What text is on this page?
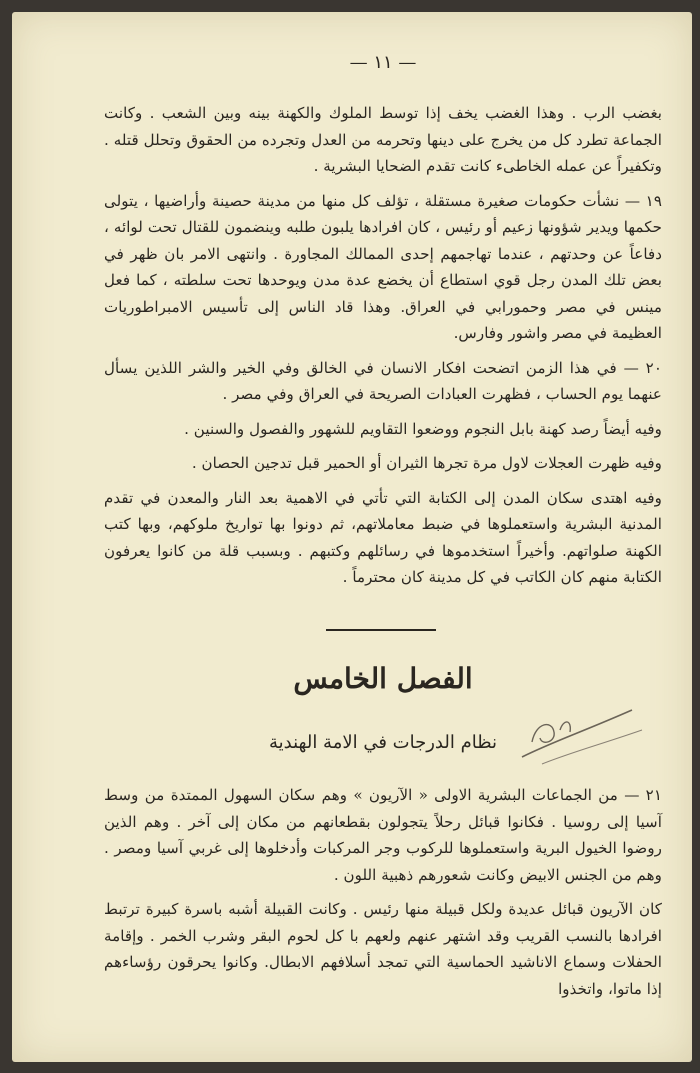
— ١١ —

بغضب الرب . وهذا الغضب يخف إذا توسط الملوك والكهنة بينه وبين الشعب . وكانت الجماعة تطرد كل من يخرج على دينها وتحرمه من العدل وتجرده من الحقوق وتحلل قتله . وتكفيراً عن عمله الخاطىء كانت تقدم الضحايا البشرية .

١٩ — نشأت حكومات صغيرة مستقلة ، تؤلف كل منها من مدينة حصينة وأراضيها ، يتولى حكمها ويدير شؤونها زعيم أو رئيس ، كان افرادها يلبون طلبه وينضمون للقتال تحت لوائه ، دفاعاً عن وحدتهم ، عندما تهاجمهم إحدى الممالك المجاورة . وانتهى الامر بان ظهر في بعض تلك المدن رجل قوي استطاع أن يخضع عدة مدن ويوحدها تحت سلطته ، كما فعل مينس في مصر وحمورابي في العراق. وهذا قاد الناس إلى تأسيس الامبراطوريات العظيمة في مصر واشور وفارس.

٢٠ — في هذا الزمن اتضحت افكار الانسان في الخالق وفي الخير والشر اللذين يسأل عنهما يوم الحساب ، فظهرت العبادات الصريحة في العراق وفي مصر .

وفيه أيضاً رصد كهنة بابل النجوم ووضعوا التقاويم للشهور والفصول والسنين .

وفيه ظهرت العجلات لاول مرة تجرها الثيران أو الحمير قبل تدجين الحصان .

وفيه اهتدى سكان المدن إلى الكتابة التي تأتي في الاهمية بعد النار والمعدن في تقدم المدنية البشرية واستعملوها في ضبط معاملاتهم، ثم دونوا بها تواريخ ملوكهم، وبها كتب الكهنة صلواتهم. وأخيراً استخدموها في رسائلهم وكتبهم . وبسبب قلة من كانوا يعرفون الكتابة منهم كان الكاتب في كل مدينة كان محترماً .

الفصل الخامس
نظام الدرجات في الامة الهندية

٢١ — من الجماعات البشرية الاولى « الآريون » وهم سكان السهول الممتدة من وسط آسيا إلى روسيا . فكانوا قبائل رحلاً يتجولون بقطعانهم من مكان إلى آخر . وهم الذين روضوا الخيول البرية واستعملوها للركوب وجر المركبات وأدخلوها إلى غربي آسيا ومصر . وهم من الجنس الابيض وكانت شعورهم ذهبية اللون .

كان الآريون قبائل عديدة ولكل قبيلة منها رئيس . وكانت القبيلة أشبه باسرة كبيرة ترتبط افرادها بالنسب القريب وقد اشتهر عنهم ولعهم با كل لحوم البقر وشرب الخمر . وإقامة الحفلات وسماع الاناشيد الحماسية التي تمجد أسلافهم الابطال. وكانوا يحرقون رؤساءهم إذا ماتوا، واتخذوا
